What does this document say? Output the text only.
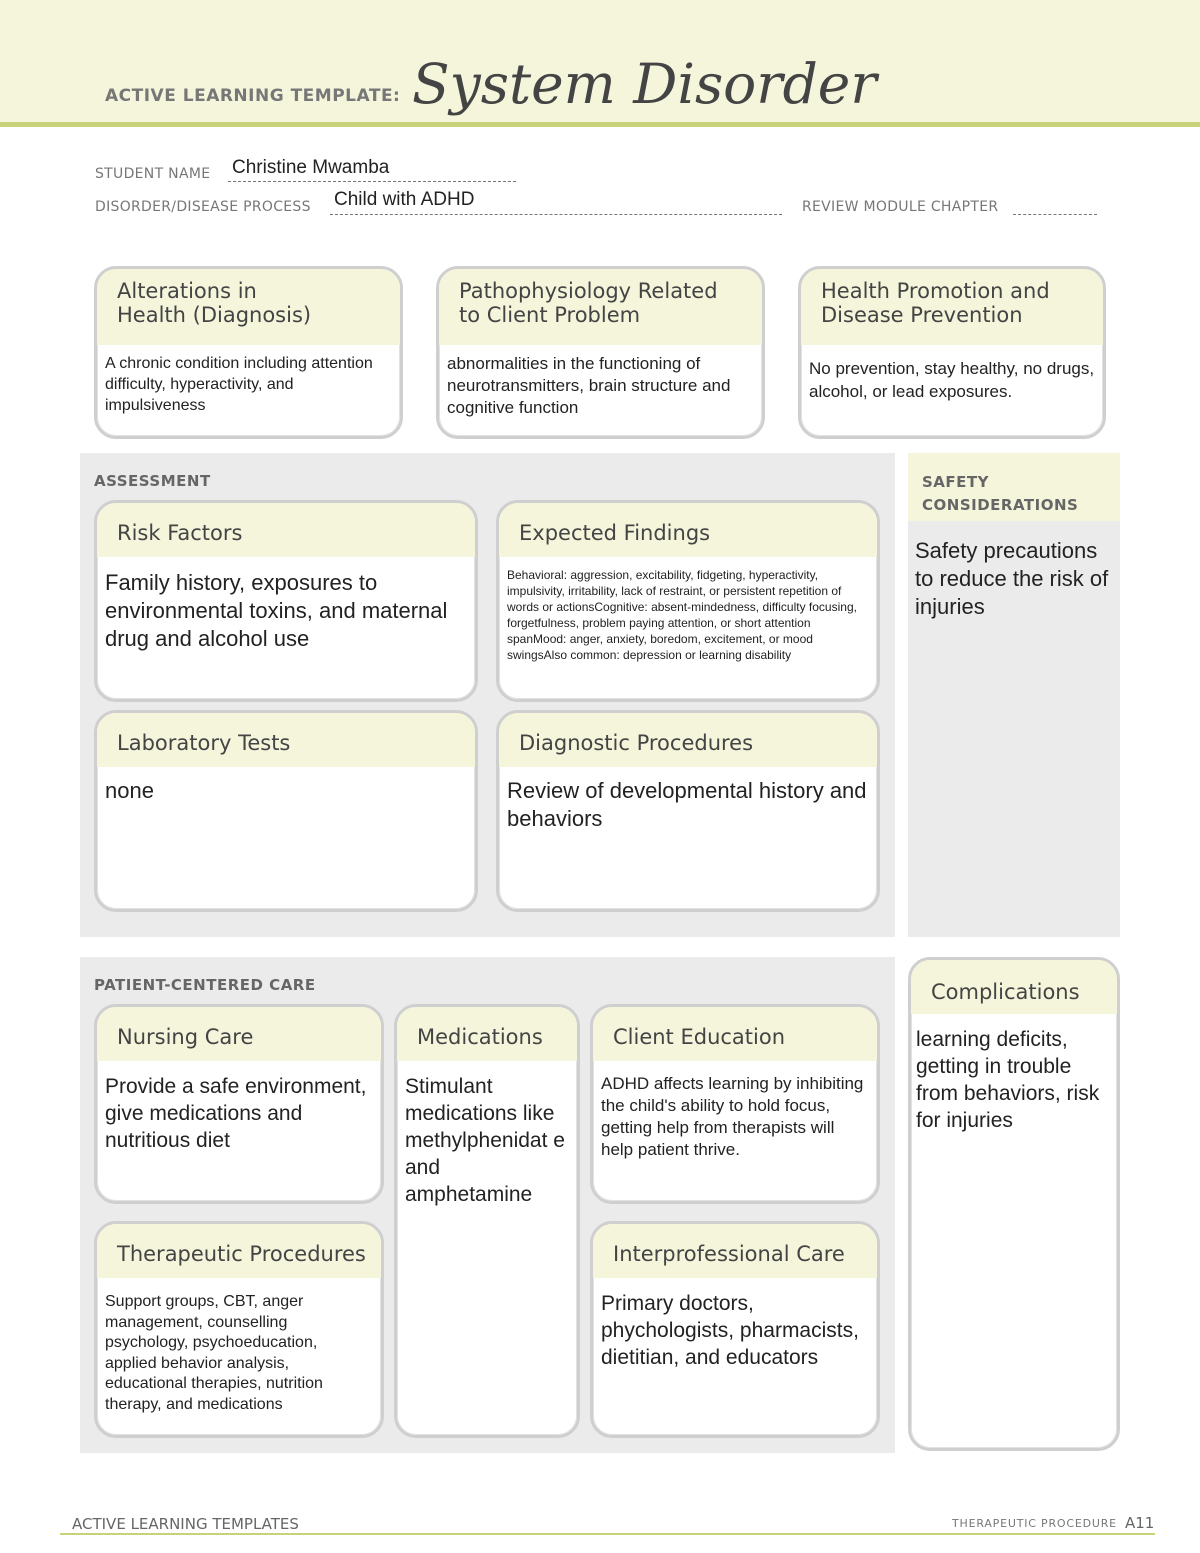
ACTIVE LEARNING TEMPLATE: System Disorder
STUDENT NAME Christine Mwamba
DISORDER/DISEASE PROCESS Child with ADHD	REVIEW MODULE CHAPTER
Alterations in
Health (Diagnosis)
A chronic condition including attention difficulty, hyperactivity, and impulsiveness
Pathophysiology Related
to Client Problem
abnormalities in the functioning of neurotransmitters, brain structure and cognitive function
Health Promotion and
Disease Prevention
No prevention, stay healthy, no drugs, alcohol, or lead exposures.
ASSESSMENT
Risk Factors
Family history, exposures to environmental toxins, and maternal drug and alcohol use
Expected Findings
Behavioral: aggression, excitability, fidgeting, hyperactivity, impulsivity, irritability, lack of restraint, or persistent repetition of words or actionsCognitive: absent-mindedness, difficulty focusing, forgetfulness, problem paying attention, or short attention spanMood: anger, anxiety, boredom, excitement, or mood swingsAlso common: depression or learning disability
Laboratory Tests
none
Diagnostic Procedures
Review of developmental history and behaviors
SAFETY
CONSIDERATIONS
Safety precautions to reduce the risk of injuries
PATIENT-CENTERED CARE
Nursing Care
Provide a safe environment, give medications and nutritious diet
Medications
Stimulant medications like methylphenidat e and amphetamine
Client Education
ADHD affects learning by inhibiting the child's ability to hold focus, getting help from therapists will help patient thrive.
Therapeutic Procedures
Support groups, CBT, anger management, counselling psychology, psychoeducation, applied behavior analysis, educational therapies, nutrition therapy, and medications
Interprofessional Care
Primary doctors, phychologists, pharmacists, dietitian, and educators
Complications
learning deficits, getting in trouble from behaviors, risk for injuries
ACTIVE LEARNING TEMPLATES	THERAPEUTIC PROCEDURE A11
